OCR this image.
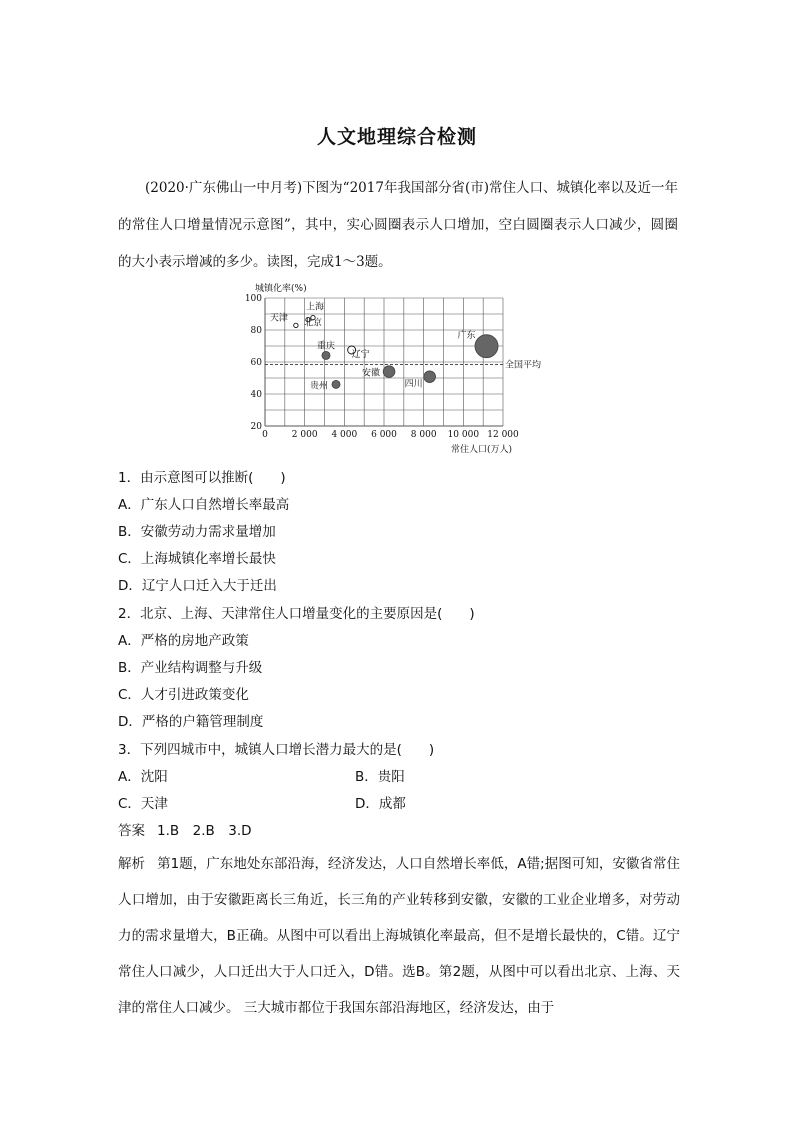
人文地理综合检测
(2020·广东佛山一中月考)下图为“2017年我国部分省(市)常住人口、城镇化率以及近一年的常住人口增量情况示意图”，其中，实心圆圈表示人口增加，空白圆圈表示人口减少，圆圈的大小表示增减的多少。读图，完成1～3题。
城镇化率(%)
常住人口(万人)
全国平均
0	2 000 4 000 6 000 8 000 10 000 12 000
100
80
60
40
20
天津
上海
北京
重庆
辽宁
贵州
安徽
四川
广东
1．由示意图可以推断(　　)
A．广东人口自然增长率最高
B．安徽劳动力需求量增加
C．上海城镇化率增长最快
D．辽宁人口迁入大于迁出
2．北京、上海、天津常住人口增量变化的主要原因是(　　)
A．严格的房地产政策
B．产业结构调整与升级
C．人才引进政策变化
D．严格的户籍管理制度
3．下列四城市中，城镇人口增长潜力最大的是(　　)
A．沈阳	B．贵阳
C．天津	D．成都
答案 1.B　2.B　3.D
解析 第1题，广东地处东部沿海，经济发达，人口自然增长率低，A错;据图可知，安徽省常住人口增加，由于安徽距离长三角近，长三角的产业转移到安徽，安徽的工业企业增多，对劳动力的需求量增大，B正确。从图中可以看出上海城镇化率最高，但不是增长最快的，C错。辽宁常住人口减少，人口迁出大于人口迁入，D错。选B。第2题，从图中可以看出北京、上海、天津的常住人口减少。 三大城市都位于我国东部沿海地区，经济发达，由于
